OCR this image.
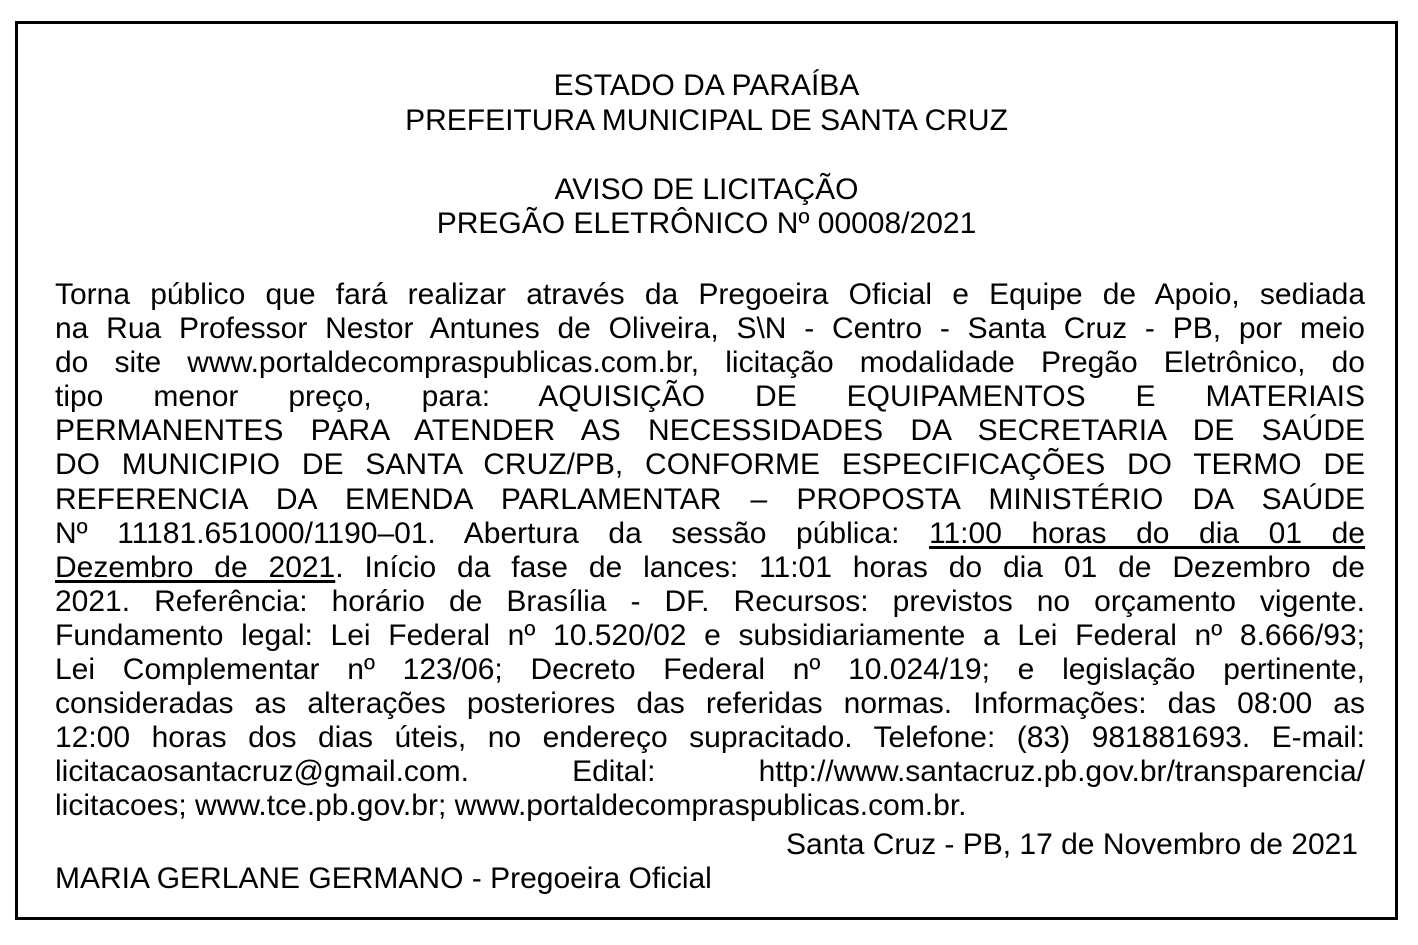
ESTADO DA PARAÍBA
PREFEITURA MUNICIPAL DE SANTA CRUZ
AVISO DE LICITAÇÃO
PREGÃO ELETRÔNICO Nº 00008/2021
Torna público que fará realizar através da Pregoeira Oficial e Equipe de Apoio, sediada
na Rua Professor Nestor Antunes de Oliveira, S\N - Centro - Santa Cruz - PB, por meio
do site www.portaldecompraspublicas.com.br, licitação modalidade Pregão Eletrônico, do
tipo menor preço, para: AQUISIÇÃO DE EQUIPAMENTOS E MATERIAIS
PERMANENTES PARA ATENDER AS NECESSIDADES DA SECRETARIA DE SAÚDE
DO MUNICIPIO DE SANTA CRUZ/PB, CONFORME ESPECIFICAÇÕES DO TERMO DE
REFERENCIA DA EMENDA PARLAMENTAR – PROPOSTA MINISTÉRIO DA SAÚDE
Nº 11181.651000/1190–01. Abertura da sessão pública: 11:00 horas do dia 01 de
Dezembro de 2021. Início da fase de lances: 11:01 horas do dia 01 de Dezembro de
2021. Referência: horário de Brasília - DF. Recursos: previstos no orçamento vigente.
Fundamento legal: Lei Federal nº 10.520/02 e subsidiariamente a Lei Federal nº 8.666/93;
Lei Complementar nº 123/06; Decreto Federal nº 10.024/19; e legislação pertinente,
consideradas as alterações posteriores das referidas normas. Informações: das 08:00 as
12:00 horas dos dias úteis, no endereço supracitado. Telefone: (83) 981881693. E-mail:
licitacaosantacruz@gmail.com. Edital: http://www.santacruz.pb.gov.br/transparencia/
licitacoes; www.tce.pb.gov.br; www.portaldecompraspublicas.com.br.
Santa Cruz - PB, 17 de Novembro de 2021
MARIA GERLANE GERMANO - Pregoeira Oficial
